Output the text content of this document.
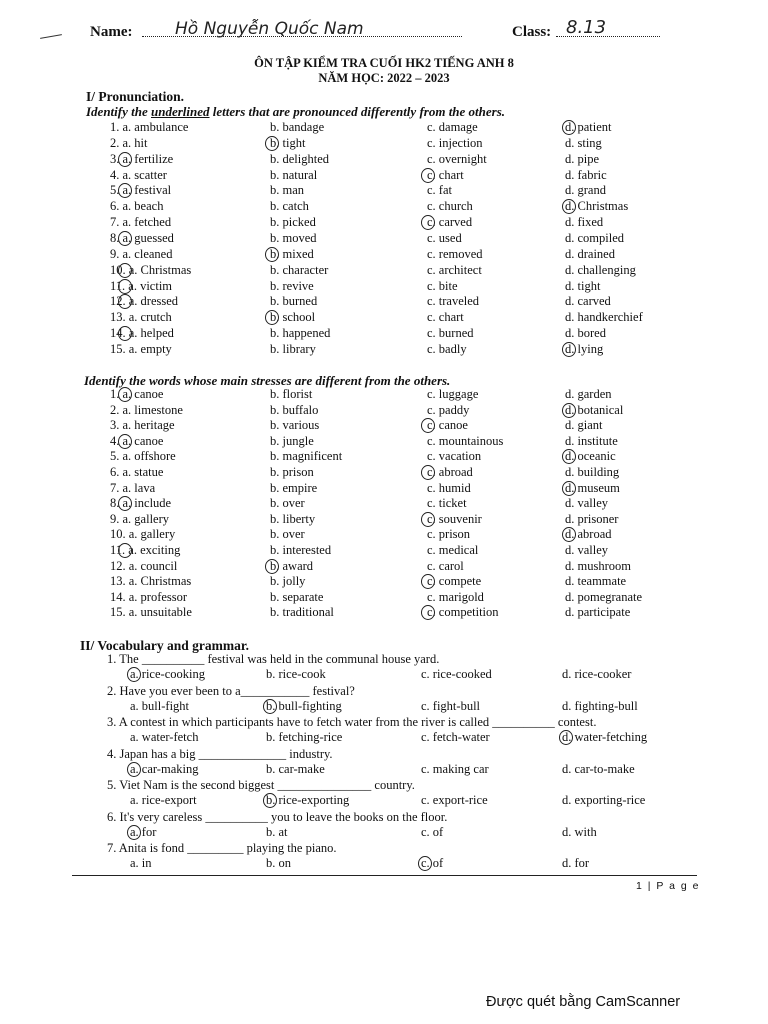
Name:	Hồ Nguyễn Quốc Nam	Class: 8.13
ÔN TẬP KIỂM TRA CUỐI HK2 TIẾNG ANH 8
NĂM HỌC: 2022 – 2023
I/ Pronunciation.
Identify the underlined letters that are pronounced differently from the others.
1. a. ambulance	b. bandage	c. damage	d. patient
2. a. hit	b. tight	c. injection	d. sting
3. a. fertilize	b. delighted	c. overnight	d. pipe
4. a. scatter	b. natural	c. chart	d. fabric
5. a. festival	b. man	c. fat	d. grand
6. a. beach	b. catch	c. church	d. Christmas
7. a. fetched	b. picked	c. carved	d. fixed
8. a. guessed	b. moved	c. used	d. compiled
9. a. cleaned	b. mixed	c. removed	d. drained
10. a. Christmas	b. character	c. architect	d. challenging
11. a. victim	b. revive	c. bite	d. tight
12. a. dressed	b. burned	c. traveled	d. carved
13. a. crutch	b. school	c. chart	d. handkerchief
14. a. helped	b. happened	c. burned	d. bored
15. a. empty	b. library	c. badly	d. lying
Identify the words whose main stresses are different from the others.
1. a. canoe	b. florist	c. luggage	d. garden
2. a. limestone	b. buffalo	c. paddy	d. botanical
3. a. heritage	b. various	c. canoe	d. giant
4. a. canoe	b. jungle	c. mountainous	d. institute
5. a. offshore	b. magnificent	c. vacation	d. oceanic
6. a. statue	b. prison	c. abroad	d. building
7. a. lava	b. empire	c. humid	d. museum
8. a. include	b. over	c. ticket	d. valley
9. a. gallery	b. liberty	c. souvenir	d. prisoner
10. a. gallery	b. over	c. prison	d. abroad
11. a. exciting	b. interested	c. medical	d. valley
12. a. council	b. award	c. carol	d. mushroom
13. a. Christmas	b. jolly	c. compete	d. teammate
14. a. professor	b. separate	c. marigold	d. pomegranate
15. a. unsuitable	b. traditional	c. competition	d. participate
II/ Vocabulary and grammar.
1. The __________ festival was held in the communal house yard.
a. rice-cooking	b. rice-cook	c. rice-cooked	d. rice-cooker
2. Have you ever been to a___________ festival?
a. bull-fight	b. bull-fighting	c. fight-bull	d. fighting-bull
3. A contest in which participants have to fetch water from the river is called __________ contest.
a. water-fetch	b. fetching-rice	c. fetch-water	d. water-fetching
4. Japan has a big ______________ industry.
a. car-making	b. car-make	c. making car	d. car-to-make
5. Viet Nam is the second biggest _______________ country.
a. rice-export	b. rice-exporting	c. export-rice	d. exporting-rice
6. It's very careless __________ you to leave the books on the floor.
a. for	b. at	c. of	d. with
7. Anita is fond _________ playing the piano.
a. in	b. on	c. of	d. for
1 | P a g e
Được quét bằng CamScanner
